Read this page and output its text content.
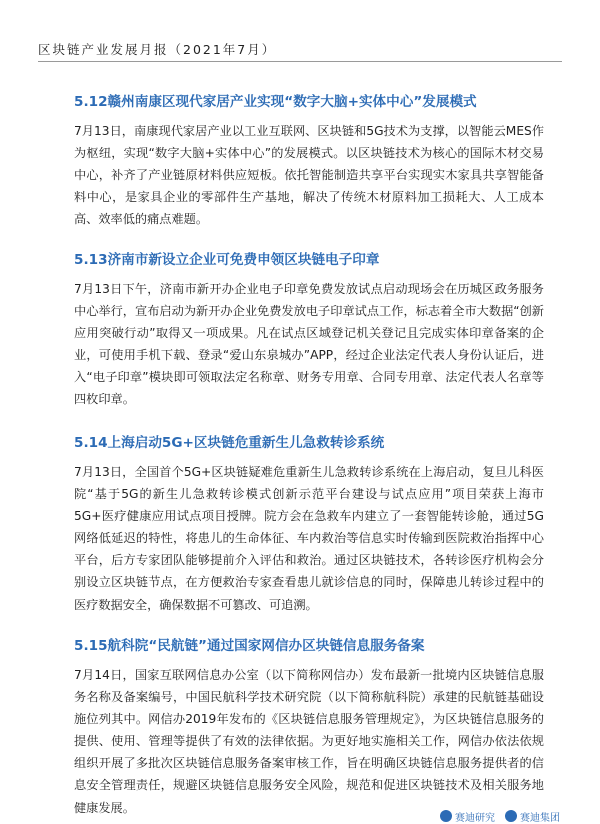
区块链产业发展月报（2021年7月）
5.12赣州南康区现代家居产业实现“数字大脑+实体中心”发展模式

7月13日，南康现代家居产业以工业互联网、区块链和5G技术为支撑，以智能云MES作为枢纽，实现“数字大脑+实体中心”的发展模式。以区块链技术为核心的国际木材交易中心，补齐了产业链原材料供应短板。依托智能制造共享平台实现实木家具共享智能备料中心，是家具企业的零部件生产基地，解决了传统木材原料加工损耗大、人工成本高、效率低的痛点难题。

5.13济南市新设立企业可免费申领区块链电子印章

7月13日下午，济南市新开办企业电子印章免费发放试点启动现场会在历城区政务服务中心举行，宣布启动为新开办企业免费发放电子印章试点工作，标志着全市大数据“创新应用突破行动”取得又一项成果。凡在试点区域登记机关登记且完成实体印章备案的企业，可使用手机下载、登录“爱山东泉城办”APP，经过企业法定代表人身份认证后，进入“电子印章”模块即可领取法定名称章、财务专用章、合同专用章、法定代表人名章等四枚印章。

5.14上海启动5G+区块链危重新生儿急救转诊系统

7月13日，全国首个5G+区块链疑难危重新生儿急救转诊系统在上海启动，复旦儿科医院“基于5G的新生儿急救转诊模式创新示范平台建设与试点应用”项目荣获上海市5G+医疗健康应用试点项目授牌。院方会在急救车内建立了一套智能转诊舱，通过5G网络低延迟的特性，将患儿的生命体征、车内救治等信息实时传输到医院救治指挥中心平台，后方专家团队能够提前介入评估和救治。通过区块链技术，各转诊医疗机构会分别设立区块链节点，在方便救治专家查看患儿就诊信息的同时，保障患儿转诊过程中的医疗数据安全，确保数据不可篡改、可追溯。

5.15航科院“民航链”通过国家网信办区块链信息服务备案

7月14日，国家互联网信息办公室（以下简称网信办）发布最新一批境内区块链信息服务名称及备案编号，中国民航科学技术研究院（以下简称航科院）承建的民航链基础设施位列其中。网信办2019年发布的《区块链信息服务管理规定》，为区块链信息服务的提供、使用、管理等提供了有效的法律依据。为更好地实施相关工作，网信办依法依规组织开展了多批次区块链信息服务备案审核工作，旨在明确区块链信息服务提供者的信息安全管理责任，规避区块链信息服务安全风险，规范和促进区块链技术及相关服务地健康发展。

赛迪研究	赛迪集团
